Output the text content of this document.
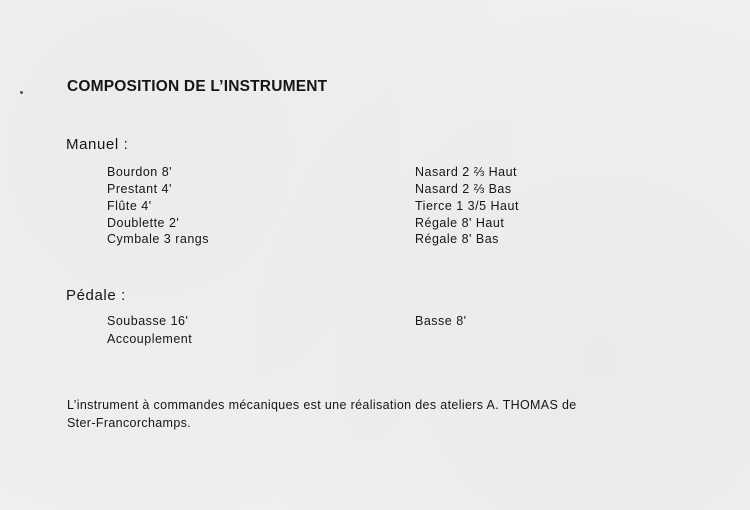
COMPOSITION DE L’INSTRUMENT
Manuel :
Bourdon 8'
Prestant 4'
Flûte 4'
Doublette 2'
Cymbale 3 rangs
Nasard 2 ⅔ Haut
Nasard 2 ⅔ Bas
Tierce 1 3/5 Haut
Régale 8' Haut
Régale 8' Bas
Pédale :
Soubasse 16'
Accouplement
Basse 8'
L’instrument à commandes mécaniques est une réalisation des ateliers A. THOMAS de
Ster-Francorchamps.
